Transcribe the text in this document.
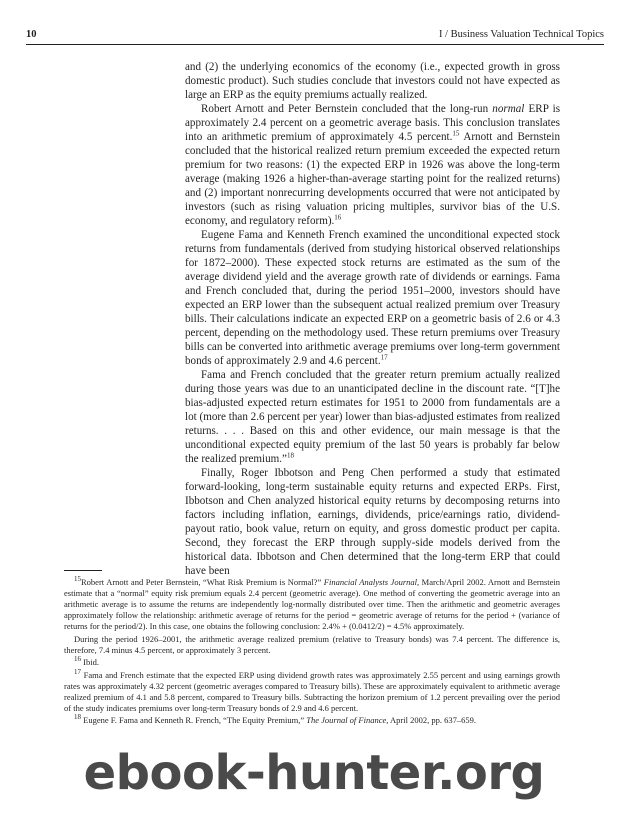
10	I / Business Valuation Technical Topics

and (2) the underlying economics of the economy (i.e., expected growth in gross domestic product). Such studies conclude that investors could not have expected as large an ERP as the equity premiums actually realized.

Robert Arnott and Peter Bernstein concluded that the long-run normal ERP is approximately 2.4 percent on a geometric average basis. This conclusion translates into an arithmetic premium of approximately 4.5 percent.$^{15}$ Arnott and Bernstein concluded that the historical realized return premium exceeded the expected return premium for two reasons: (1) the expected ERP in 1926 was above the long-term average (making 1926 a higher-than-average starting point for the realized returns) and (2) important nonrecurring developments occurred that were not anticipated by investors (such as rising valuation pricing multiples, survivor bias of the U.S. economy, and regulatory reform).$^{16}$

Eugene Fama and Kenneth French examined the unconditional expected stock returns from fundamentals (derived from studying historical observed relationships for 1872–2000). These expected stock returns are estimated as the sum of the average dividend yield and the average growth rate of dividends or earnings. Fama and French concluded that, during the period 1951–2000, investors should have expected an ERP lower than the subsequent actual realized premium over Treasury bills. Their calculations indicate an expected ERP on a geometric basis of 2.6 or 4.3 percent, depending on the methodology used. These return premiums over Treasury bills can be converted into arithmetic average premiums over long-term government bonds of approximately 2.9 and 4.6 percent.$^{17}$

Fama and French concluded that the greater return premium actually realized during those years was due to an unanticipated decline in the discount rate. “[T]he bias-adjusted expected return estimates for 1951 to 2000 from fundamentals are a lot (more than 2.6 percent per year) lower than bias-adjusted estimates from realized returns. . . . Based on this and other evidence, our main message is that the unconditional expected equity premium of the last 50 years is probably far below the realized premium.”$^{18}$

Finally, Roger Ibbotson and Peng Chen performed a study that estimated forward-looking, long-term sustainable equity returns and expected ERPs. First, Ibbotson and Chen analyzed historical equity returns by decomposing returns into factors including inflation, earnings, dividends, price/earnings ratio, dividend-payout ratio, book value, return on equity, and gross domestic product per capita. Second, they forecast the ERP through supply-side models derived from the historical data. Ibbotson and Chen determined that the long-term ERP that could have been

$^{15}$Robert Arnott and Peter Bernstein, “What Risk Premium is Normal?” Financial Analysts Journal, March/April 2002. Arnott and Bernstein estimate that a “normal” equity risk premium equals 2.4 percent (geometric average). One method of converting the geometric average into an arithmetic average is to assume the returns are independently log-normally distributed over time. Then the arithmetic and geometric averages approximately follow the relationship: arithmetic average of returns for the period = geometric average of returns for the period + (variance of returns for the period/2). In this case, one obtains the following conclusion: 2.4% + (0.0412/2) = 4.5% approximately.

During the period 1926–2001, the arithmetic average realized premium (relative to Treasury bonds) was 7.4 percent. The difference is, therefore, 7.4 minus 4.5 percent, or approximately 3 percent.

$^{16}$ Ibid.

$^{17}$ Fama and French estimate that the expected ERP using dividend growth rates was approximately 2.55 percent and using earnings growth rates was approximately 4.32 percent (geometric averages compared to Treasury bills). These are approximately equivalent to arithmetic average realized premium of 4.1 and 5.8 percent, compared to Treasury bills. Subtracting the horizon premium of 1.2 percent prevailing over the period of the study indicates premiums over long-term Treasury bonds of 2.9 and 4.6 percent.

$^{18}$ Eugene F. Fama and Kenneth R. French, “The Equity Premium,” The Journal of Finance, April 2002, pp. 637–659.

ebook-hunter.org
